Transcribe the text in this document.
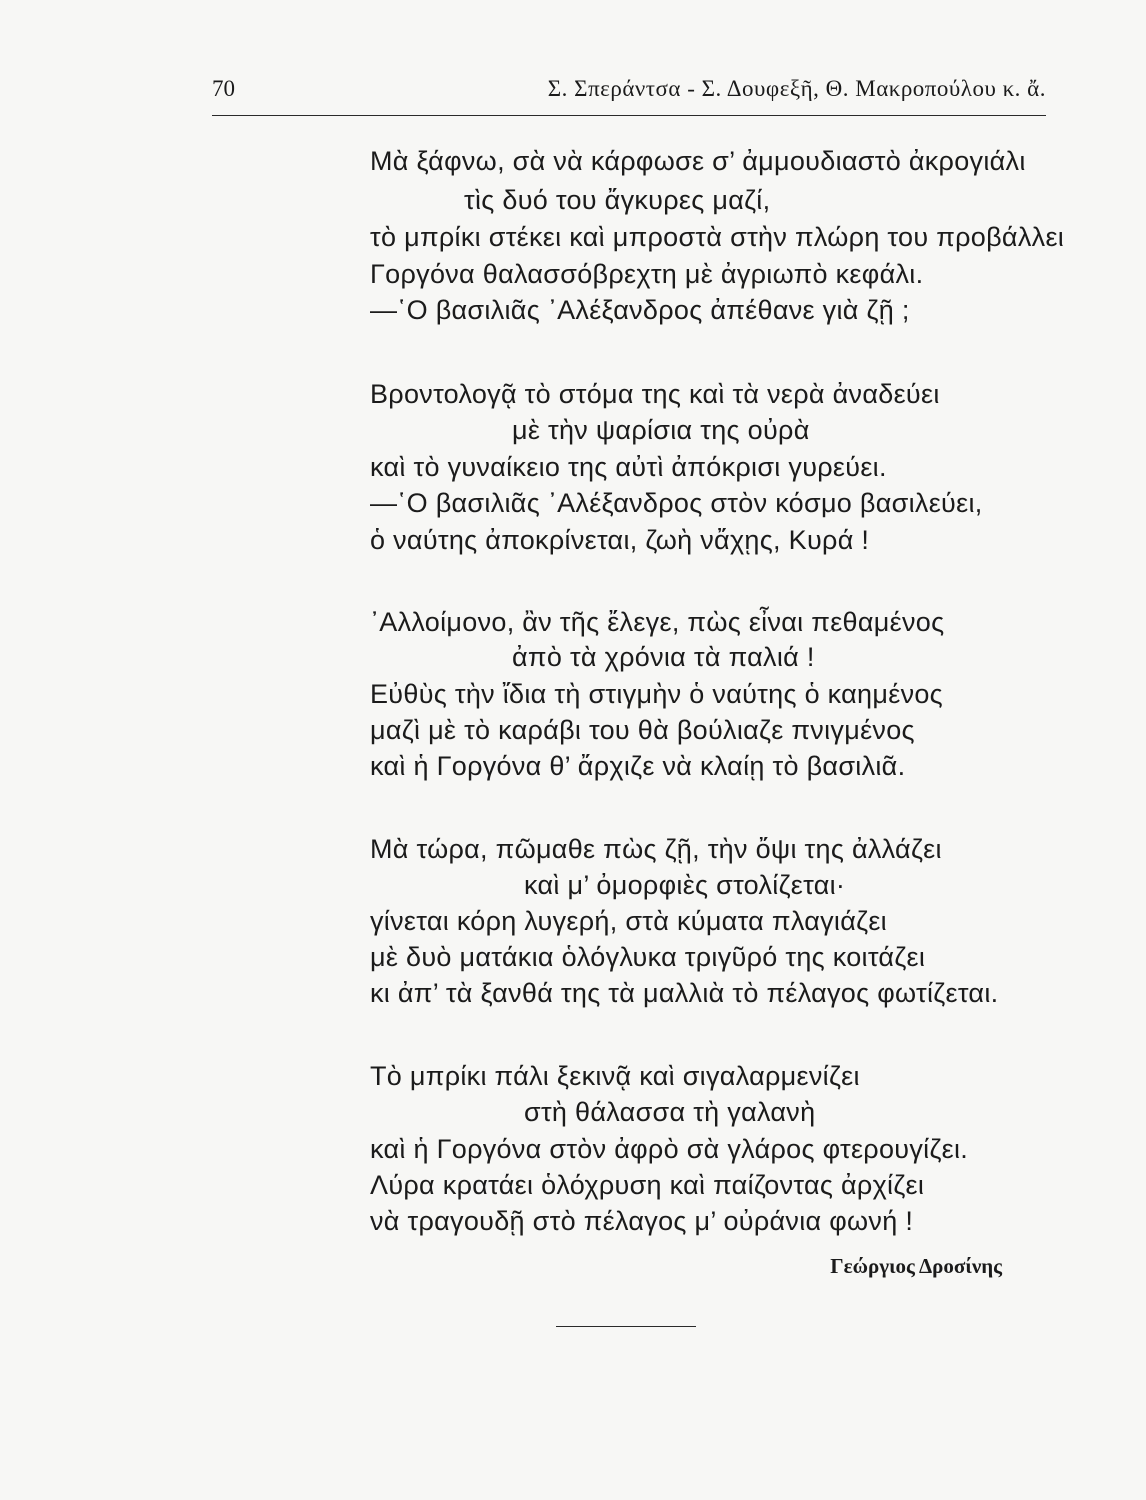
70	Σ. Σπεράντσα - Σ. Δουφεξῆ, Θ. Μακροπούλου κ. ἄ.
Μὰ ξάφνω, σὰ νὰ κάρφωσε σ’ ἀμμουδιαστὸ ἀκρογιάλι
τὶς δυό του ἄγκυρες μαζί,
τὸ μπρίκι στέκει καὶ μπροστὰ στὴν πλώρη του προβάλλει
Γοργόνα θαλασσόβρεχτη μὲ ἀγριωπὸ κεφάλι.
—῾Ο βασιλιᾶς ᾿Αλέξανδρος ἀπέθανε γιὰ ζῇ ;
Βροντολογᾷ τὸ στόμα της καὶ τὰ νερὰ ἀναδεύει
μὲ τὴν ψαρίσια της οὐρὰ
καὶ τὸ γυναίκειο της αὐτὶ ἀπόκρισι γυρεύει.
—῾Ο βασιλιᾶς ᾿Αλέξανδρος στὸν κόσμο βασιλεύει,
ὁ ναύτης ἀποκρίνεται, ζωὴ νἄχῃς, Κυρά !
᾿Αλλοίμονο, ἂν τῆς ἔλεγε, πὼς εἶναι πεθαμένος
ἀπὸ τὰ χρόνια τὰ παλιά !
Εὐθὺς τὴν ἴδια τὴ στιγμὴν ὁ ναύτης ὁ καημένος
μαζὶ μὲ τὸ καράβι του θὰ βούλιαζε πνιγμένος
καὶ ἡ Γοργόνα θ’ ἄρχιζε νὰ κλαίῃ τὸ βασιλιᾶ.
Μὰ τώρα, πῶμαθε πὼς ζῇ, τὴν ὄψι της ἀλλάζει
καὶ μ’ ὀμορφιὲς στολίζεται·
γίνεται κόρη λυγερή, στὰ κύματα πλαγιάζει
μὲ δυὸ ματάκια ὁλόγλυκα τριγῦρό της κοιτάζει
κι ἀπ’ τὰ ξανθά της τὰ μαλλιὰ τὸ πέλαγος φωτίζεται.
Τὸ μπρίκι πάλι ξεκινᾷ καὶ σιγαλαρμενίζει
στὴ θάλασσα τὴ γαλανὴ
καὶ ἡ Γοργόνα στὸν ἀφρὸ σὰ γλάρος φτερουγίζει.
Λύρα κρατάει ὁλόχρυση καὶ παίζοντας ἀρχίζει
νὰ τραγουδῇ στὸ πέλαγος μ’ οὐράνια φωνή !
Γεώργιος Δροσίνης
